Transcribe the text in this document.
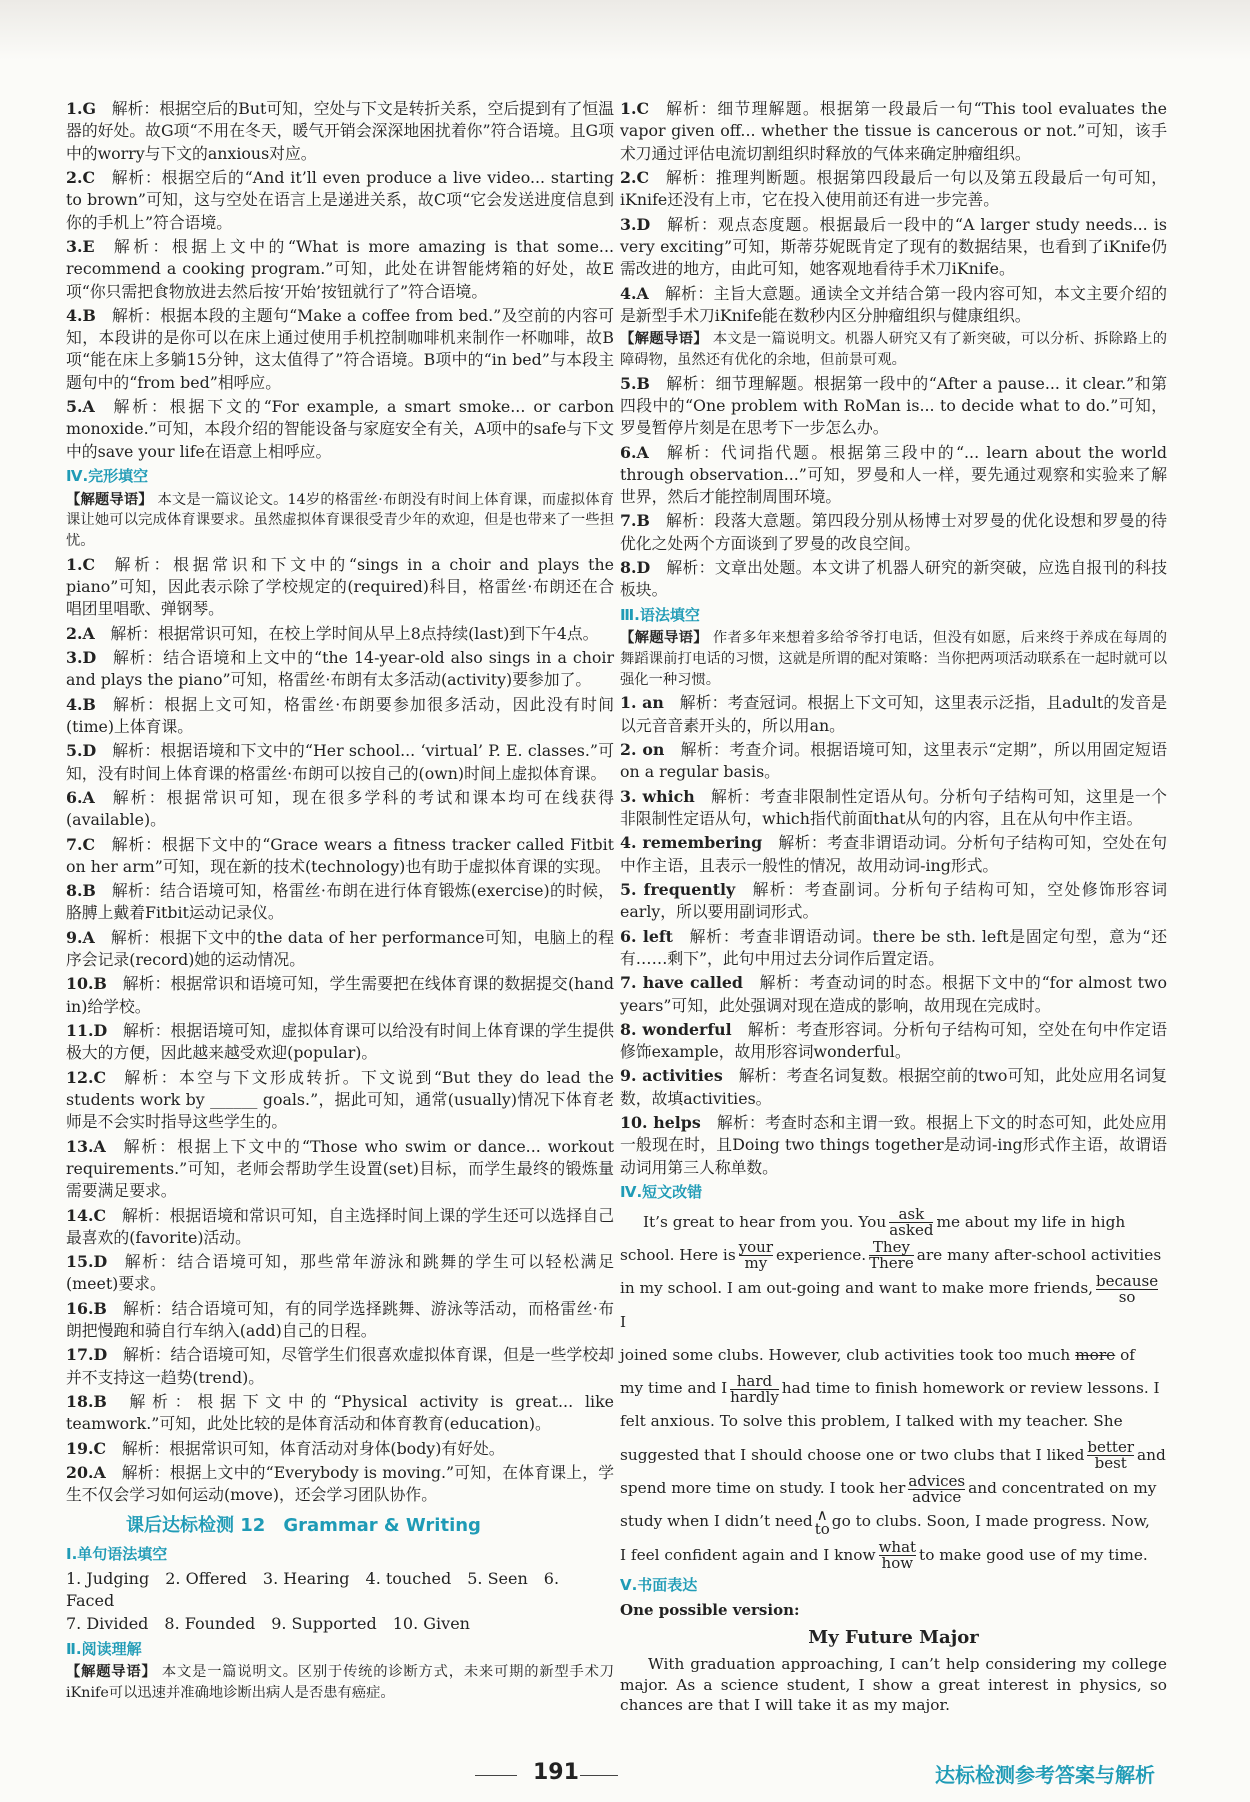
1.G  解析：根据空后的But可知，空处与下文是转折关系，空后提到有了恒温器的好处。故G项“不用在冬天，暖气开销会深深地困扰着你”符合语境。且G项中的worry与下文的anxious对应。
2.C  解析：根据空后的“And it’ll even produce a live video... starting to brown”可知，这与空处在语言上是递进关系，故C项“它会发送进度信息到你的手机上”符合语境。
3.E  解析：根据上文中的“What is more amazing is that some... recommend a cooking program.”可知，此处在讲智能烤箱的好处，故E项“你只需把食物放进去然后按‘开始’按钮就行了”符合语境。
4.B  解析：根据本段的主题句“Make a coffee from bed.”及空前的内容可知，本段讲的是你可以在床上通过使用手机控制咖啡机来制作一杯咖啡，故B项“能在床上多躺15分钟，这太值得了”符合语境。B项中的“in bed”与本段主题句中的“from bed”相呼应。
5.A  解析：根据下文的“For example, a smart smoke... or carbon monoxide.”可知，本段介绍的智能设备与家庭安全有关，A项中的safe与下文中的save your life在语意上相呼应。
Ⅳ.完形填空
【解题导语】 本文是一篇议论文。14岁的格雷丝·布朗没有时间上体育课，而虚拟体育课让她可以完成体育课要求。虽然虚拟体育课很受青少年的欢迎，但是也带来了一些担忧。
1.C  解析：根据常识和下文中的“sings in a choir and plays the piano”可知，因此表示除了学校规定的(required)科目，格雷丝·布朗还在合唱团里唱歌、弹钢琴。
2.A  解析：根据常识可知，在校上学时间从早上8点持续(last)到下午4点。
3.D  解析：结合语境和上文中的“the 14-year-old also sings in a choir and plays the piano”可知，格雷丝·布朗有太多活动(activity)要参加了。
4.B  解析：根据上文可知，格雷丝·布朗要参加很多活动，因此没有时间(time)上体育课。
5.D  解析：根据语境和下文中的“Her school... ‘virtual’ P. E. classes.”可知，没有时间上体育课的格雷丝·布朗可以按自己的(own)时间上虚拟体育课。
6.A  解析：根据常识可知，现在很多学科的考试和课本均可在线获得(available)。
7.C  解析：根据下文中的“Grace wears a fitness tracker called Fitbit on her arm”可知，现在新的技术(technology)也有助于虚拟体育课的实现。
8.B  解析：结合语境可知，格雷丝·布朗在进行体育锻炼(exercise)的时候，胳膊上戴着Fitbit运动记录仪。
9.A  解析：根据下文中的the data of her performance可知，电脑上的程序会记录(record)她的运动情况。
10.B  解析：根据常识和语境可知，学生需要把在线体育课的数据提交(hand in)给学校。
11.D  解析：根据语境可知，虚拟体育课可以给没有时间上体育课的学生提供极大的方便，因此越来越受欢迎(popular)。
12.C  解析：本空与下文形成转折。下文说到“But they do lead the students work by ______ goals.”，据此可知，通常(usually)情况下体育老师是不会实时指导这些学生的。
13.A  解析：根据上下文中的“Those who swim or dance... workout requirements.”可知，老师会帮助学生设置(set)目标，而学生最终的锻炼量需要满足要求。
14.C  解析：根据语境和常识可知，自主选择时间上课的学生还可以选择自己最喜欢的(favorite)活动。
15.D  解析：结合语境可知，那些常年游泳和跳舞的学生可以轻松满足(meet)要求。
16.B  解析：结合语境可知，有的同学选择跳舞、游泳等活动，而格雷丝·布朗把慢跑和骑自行车纳入(add)自己的日程。
17.D  解析：结合语境可知，尽管学生们很喜欢虚拟体育课，但是一些学校却并不支持这一趋势(trend)。
18.B  解析：根据下文中的“Physical activity is great... like teamwork.”可知，此处比较的是体育活动和体育教育(education)。
19.C  解析：根据常识可知，体育活动对身体(body)有好处。
20.A  解析：根据上文中的“Everybody is moving.”可知，在体育课上，学生不仅会学习如何运动(move)，还会学习团队协作。
课后达标检测 12　Grammar & Writing
Ⅰ.单句语法填空
1. Judging 2. Offered 3. Hearing 4. touched 5. Seen 6. Faced
7. Divided 8. Founded 9. Supported 10. Given
Ⅱ.阅读理解
【解题导语】 本文是一篇说明文。区别于传统的诊断方式，未来可期的新型手术刀iKnife可以迅速并准确地诊断出病人是否患有癌症。
1.C  解析：细节理解题。根据第一段最后一句“This tool evaluates the vapor given off... whether the tissue is cancerous or not.”可知，该手术刀通过评估电流切割组织时释放的气体来确定肿瘤组织。
2.C  解析：推理判断题。根据第四段最后一句以及第五段最后一句可知，iKnife还没有上市，它在投入使用前还有进一步完善。
3.D  解析：观点态度题。根据最后一段中的“A larger study needs... is very exciting”可知，斯蒂芬妮既肯定了现有的数据结果，也看到了iKnife仍需改进的地方，由此可知，她客观地看待手术刀iKnife。
4.A  解析：主旨大意题。通读全文并结合第一段内容可知，本文主要介绍的是新型手术刀iKnife能在数秒内区分肿瘤组织与健康组织。
【解题导语】 本文是一篇说明文。机器人研究又有了新突破，可以分析、拆除路上的障碍物，虽然还有优化的余地，但前景可观。
5.B  解析：细节理解题。根据第一段中的“After a pause... it clear.”和第四段中的“One problem with RoMan is... to decide what to do.”可知，罗曼暂停片刻是在思考下一步怎么办。
6.A  解析：代词指代题。根据第三段中的“... learn about the world through observation...”可知，罗曼和人一样，要先通过观察和实验来了解世界，然后才能控制周围环境。
7.B  解析：段落大意题。第四段分别从杨博士对罗曼的优化设想和罗曼的待优化之处两个方面谈到了罗曼的改良空间。
8.D  解析：文章出处题。本文讲了机器人研究的新突破，应选自报刊的科技板块。
Ⅲ.语法填空
【解题导语】 作者多年来想着多给爷爷打电话，但没有如愿，后来终于养成在每周的舞蹈课前打电话的习惯，这就是所谓的配对策略：当你把两项活动联系在一起时就可以强化一种习惯。
1. an  解析：考查冠词。根据上下文可知，这里表示泛指，且adult的发音是以元音音素开头的，所以用an。
2. on  解析：考查介词。根据语境可知，这里表示“定期”，所以用固定短语on a regular basis。
3. which  解析：考查非限制性定语从句。分析句子结构可知，这里是一个非限制性定语从句，which指代前面that从句的内容，且在从句中作主语。
4. remembering  解析：考查非谓语动词。分析句子结构可知，空处在句中作主语，且表示一般性的情况，故用动词-ing形式。
5. frequently  解析：考查副词。分析句子结构可知，空处修饰形容词early，所以要用副词形式。
6. left  解析：考查非谓语动词。there be sth. left是固定句型，意为“还有……剩下”，此句中用过去分词作后置定语。
7. have called  解析：考查动词的时态。根据下文中的“for almost two years”可知，此处强调对现在造成的影响，故用现在完成时。
8. wonderful  解析：考查形容词。分析句子结构可知，空处在句中作定语修饰example，故用形容词wonderful。
9. activities  解析：考查名词复数。根据空前的two可知，此处应用名词复数，故填activities。
10. helps  解析：考查时态和主谓一致。根据上下文的时态可知，此处应用一般现在时，且Doing two things together是动词-ing形式作主语，故谓语动词用第三人称单数。
Ⅳ.短文改错

  It’s great to hear from you. You ask
asked me about my life in high

school. Here is your
my experience. They
There are many after-school activities

in my school. I am out-going and want to make more friends, because
so
I

joined some clubs. However, club activities took too much more of

my time and I hard
hardly had time to finish homework or review lessons. I

felt anxious. To solve this problem, I talked with my teacher. She

suggested that I should choose one or two clubs that I liked better
best and

spend more time on study. I took her advices
advice and concentrated on my

study when I didn’t need ∧
to go to clubs. Soon, I made progress. Now,

I feel confident again and I know what
how to make good use of my time.

Ⅴ.书面表达
One possible version:
My Future Major

With graduation approaching, I can’t help considering my college major. As a science student, I show a great interest in physics, so chances are that I will take it as my major.

191	达标检测参考答案与解析
